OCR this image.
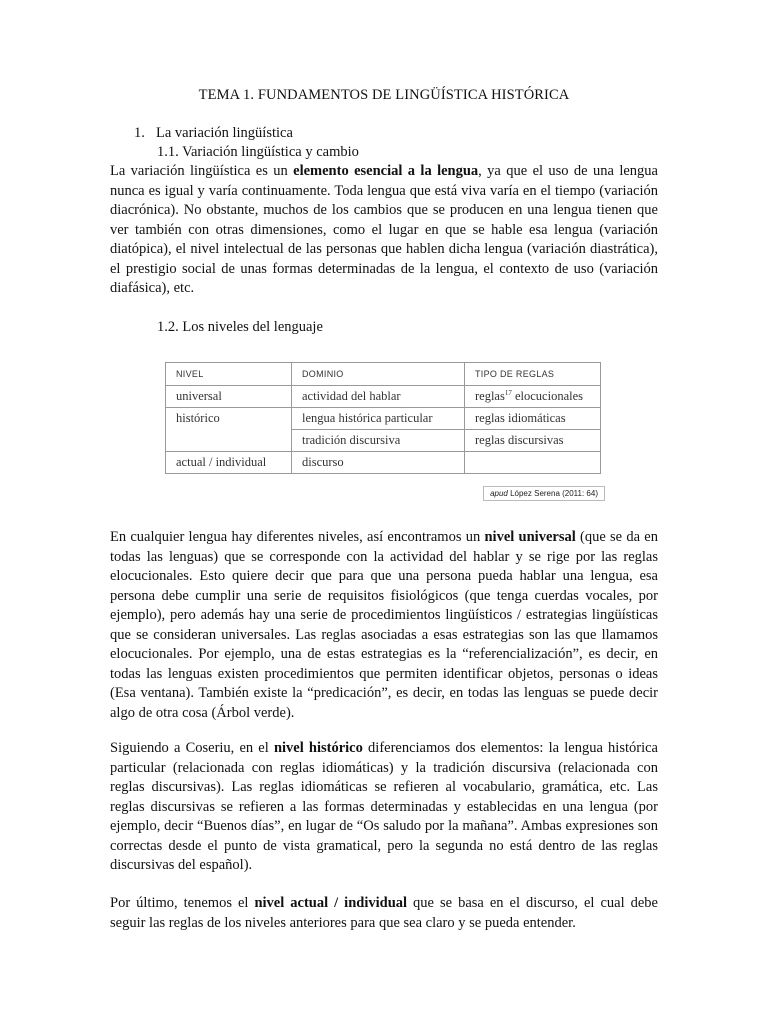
TEMA 1. FUNDAMENTOS DE LINGÜÍSTICA HISTÓRICA
1. La variación lingüística
1.1. Variación lingüística y cambio

La variación lingüística es un elemento esencial a la lengua, ya que el uso de una lengua nunca es igual y varía continuamente. Toda lengua que está viva varía en el tiempo (variación diacrónica). No obstante, muchos de los cambios que se producen en una lengua tienen que ver también con otras dimensiones, como el lugar en que se hable esa lengua (variación diatópica), el nivel intelectual de las personas que hablen dicha lengua (variación diastrática), el prestigio social de unas formas determinadas de la lengua, el contexto de uso (variación diafásica), etc.

1.2. Los niveles del lenguaje
NIVEL	DOMINIO	TIPO DE REGLAS
universal	actividad del hablar	reglas$^{17}$ elocucionales
histórico	lengua histórica particular	reglas idiomáticas
	tradición discursiva	reglas discursivas
actual / individual	discurso	
apud López Serena (2011: 64)

En cualquier lengua hay diferentes niveles, así encontramos un nivel universal (que se da en todas las lenguas) que se corresponde con la actividad del hablar y se rige por las reglas elocucionales. Esto quiere decir que para que una persona pueda hablar una lengua, esa persona debe cumplir una serie de requisitos fisiológicos (que tenga cuerdas vocales, por ejemplo), pero además hay una serie de procedimientos lingüísticos / estrategias lingüísticas que se consideran universales. Las reglas asociadas a esas estrategias son las que llamamos elocucionales. Por ejemplo, una de estas estrategias es la “referencialización”, es decir, en todas las lenguas existen procedimientos que permiten identificar objetos, personas o ideas (Esa ventana). También existe la “predicación”, es decir, en todas las lenguas se puede decir algo de otra cosa (Árbol verde).

Siguiendo a Coseriu, en el nivel histórico diferenciamos dos elementos: la lengua histórica particular (relacionada con reglas idiomáticas) y la tradición discursiva (relacionada con reglas discursivas). Las reglas idiomáticas se refieren al vocabulario, gramática, etc. Las reglas discursivas se refieren a las formas determinadas y establecidas en una lengua (por ejemplo, decir “Buenos días”, en lugar de “Os saludo por la mañana”. Ambas expresiones son correctas desde el punto de vista gramatical, pero la segunda no está dentro de las reglas discursivas del español).

Por último, tenemos el nivel actual / individual que se basa en el discurso, el cual debe seguir las reglas de los niveles anteriores para que sea claro y se pueda entender.
